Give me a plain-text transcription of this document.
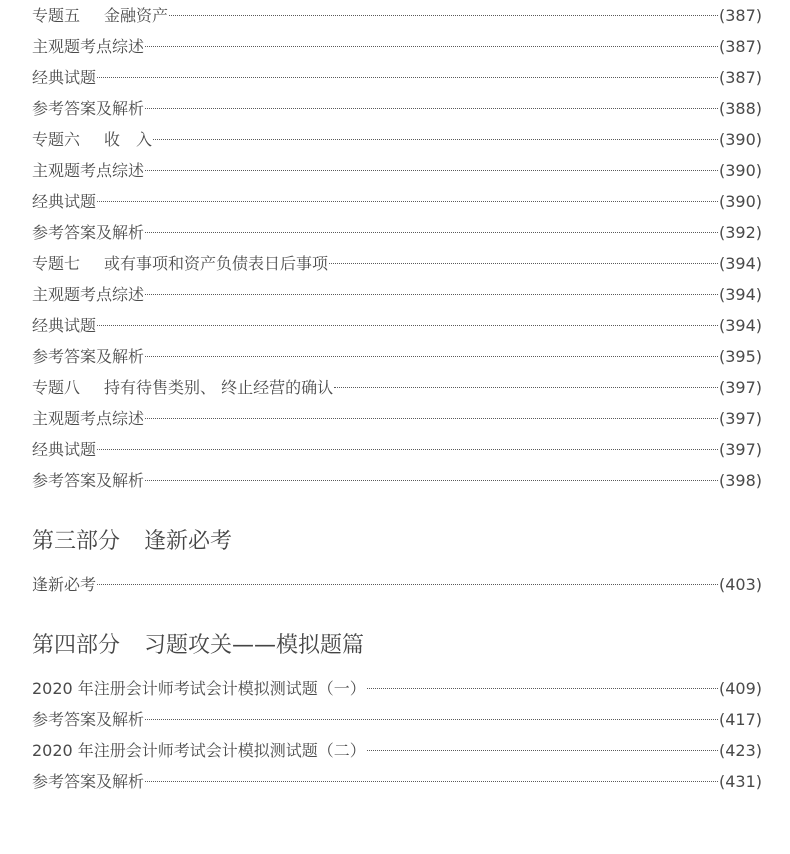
专题五 金融资产	(387)
主观题考点综述	(387)
经典试题	(387)
参考答案及解析	(388)
专题六 收　入	(390)
主观题考点综述	(390)
经典试题	(390)
参考答案及解析	(392)
专题七 或有事项和资产负债表日后事项	(394)
主观题考点综述	(394)
经典试题	(394)
参考答案及解析	(395)
专题八 持有待售类别、 终止经营的确认	(397)
主观题考点综述	(397)
经典试题	(397)
参考答案及解析	(398)
第三部分 逢新必考
逢新必考	(403)
第四部分 习题攻关——模拟题篇
2020 年注册会计师考试会计模拟测试题（一）	(409)
参考答案及解析	(417)
2020 年注册会计师考试会计模拟测试题（二）	(423)
参考答案及解析	(431)
